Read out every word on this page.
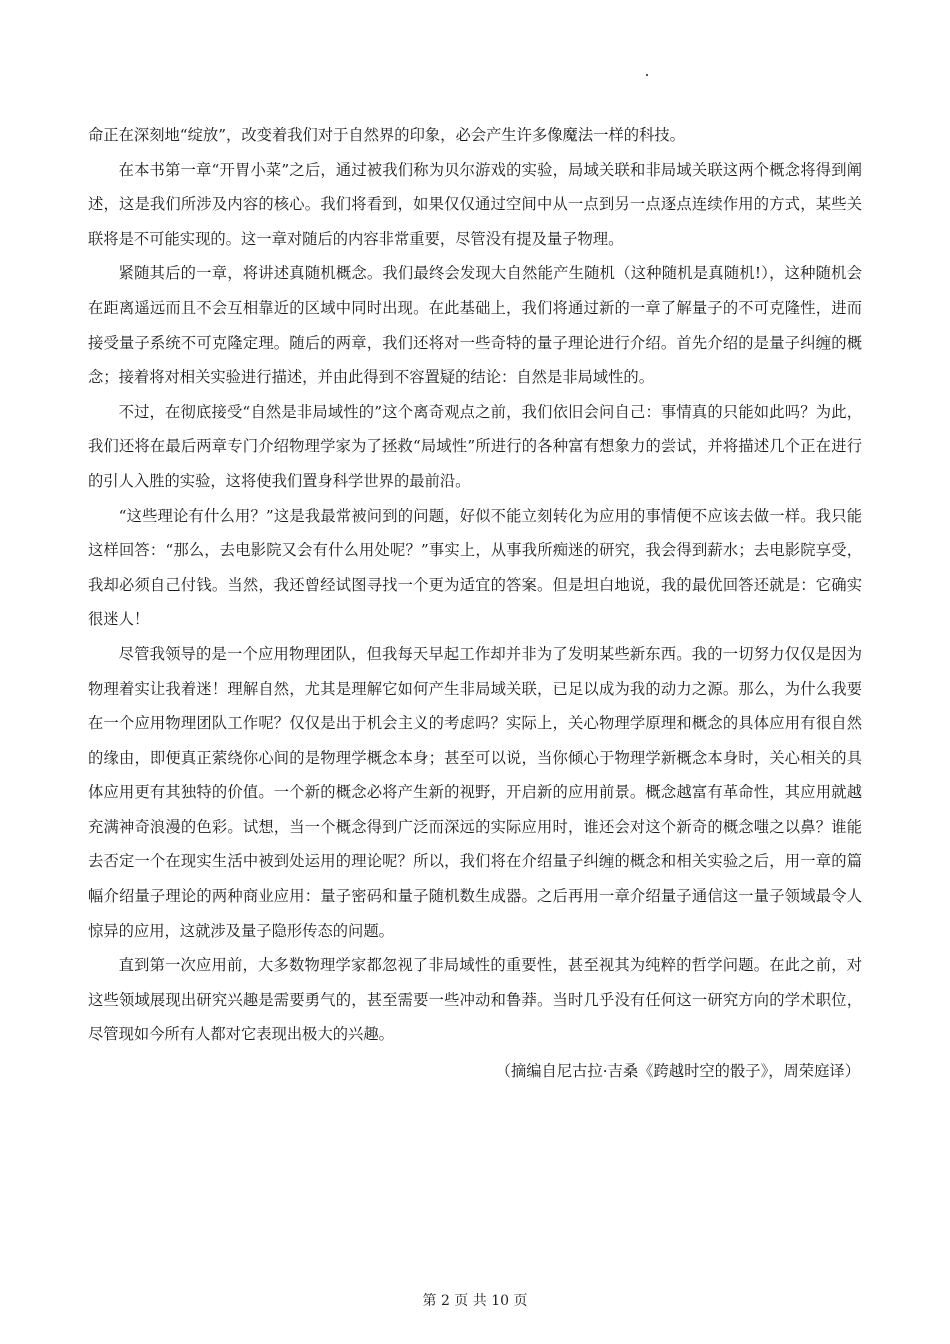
命正在深刻地“绽放”，改变着我们对于自然界的印象，必会产生许多像魔法一样的科技。

在本书第一章“开胃小菜”之后，通过被我们称为贝尔游戏的实验，局域关联和非局域关联这两个概念将得到阐述，这是我们所涉及内容的核心。我们将看到，如果仅仅通过空间中从一点到另一点逐点连续作用的方式，某些关联将是不可能实现的。这一章对随后的内容非常重要，尽管没有提及量子物理。

紧随其后的一章，将讲述真随机概念。我们最终会发现大自然能产生随机（这种随机是真随机!），这种随机会在距离遥远而且不会互相靠近的区域中同时出现。在此基础上，我们将通过新的一章了解量子的不可克隆性，进而接受量子系统不可克隆定理。随后的两章，我们还将对一些奇特的量子理论进行介绍。首先介绍的是量子纠缠的概念；接着将对相关实验进行描述，并由此得到不容置疑的结论：自然是非局域性的。

不过，在彻底接受“自然是非局域性的”这个离奇观点之前，我们依旧会问自己：事情真的只能如此吗？为此，我们还将在最后两章专门介绍物理学家为了拯救“局域性”所进行的各种富有想象力的尝试，并将描述几个正在进行的引人入胜的实验，这将使我们置身科学世界的最前沿。

“这些理论有什么用？”这是我最常被问到的问题，好似不能立刻转化为应用的事情便不应该去做一样。我只能这样回答：“那么，去电影院又会有什么用处呢？”事实上，从事我所痴迷的研究，我会得到薪水；去电影院享受，我却必须自己付钱。当然，我还曾经试图寻找一个更为适宜的答案。但是坦白地说，我的最优回答还就是：它确实很迷人！

尽管我领导的是一个应用物理团队，但我每天早起工作却并非为了发明某些新东西。我的一切努力仅仅是因为物理着实让我着迷！理解自然，尤其是理解它如何产生非局域关联，已足以成为我的动力之源。那么，为什么我要在一个应用物理团队工作呢？仅仅是出于机会主义的考虑吗？实际上，关心物理学原理和概念的具体应用有很自然的缘由，即便真正萦绕你心间的是物理学概念本身；甚至可以说，当你倾心于物理学新概念本身时，关心相关的具体应用更有其独特的价值。一个新的概念必将产生新的视野，开启新的应用前景。概念越富有革命性，其应用就越充满神奇浪漫的色彩。试想，当一个概念得到广泛而深远的实际应用时，谁还会对这个新奇的概念嗤之以鼻？谁能去否定一个在现实生活中被到处运用的理论呢？所以，我们将在介绍量子纠缠的概念和相关实验之后，用一章的篇幅介绍量子理论的两种商业应用：量子密码和量子随机数生成器。之后再用一章介绍量子通信这一量子领域最令人惊异的应用，这就涉及量子隐形传态的问题。

直到第一次应用前，大多数物理学家都忽视了非局域性的重要性，甚至视其为纯粹的哲学问题。在此之前，对这些领域展现出研究兴趣是需要勇气的，甚至需要一些冲动和鲁莽。当时几乎没有任何这一研究方向的学术职位，尽管现如今所有人都对它表现出极大的兴趣。

（摘编自尼古拉·吉桑《跨越时空的骰子》，周荣庭译）

第 2 页 共 10 页
